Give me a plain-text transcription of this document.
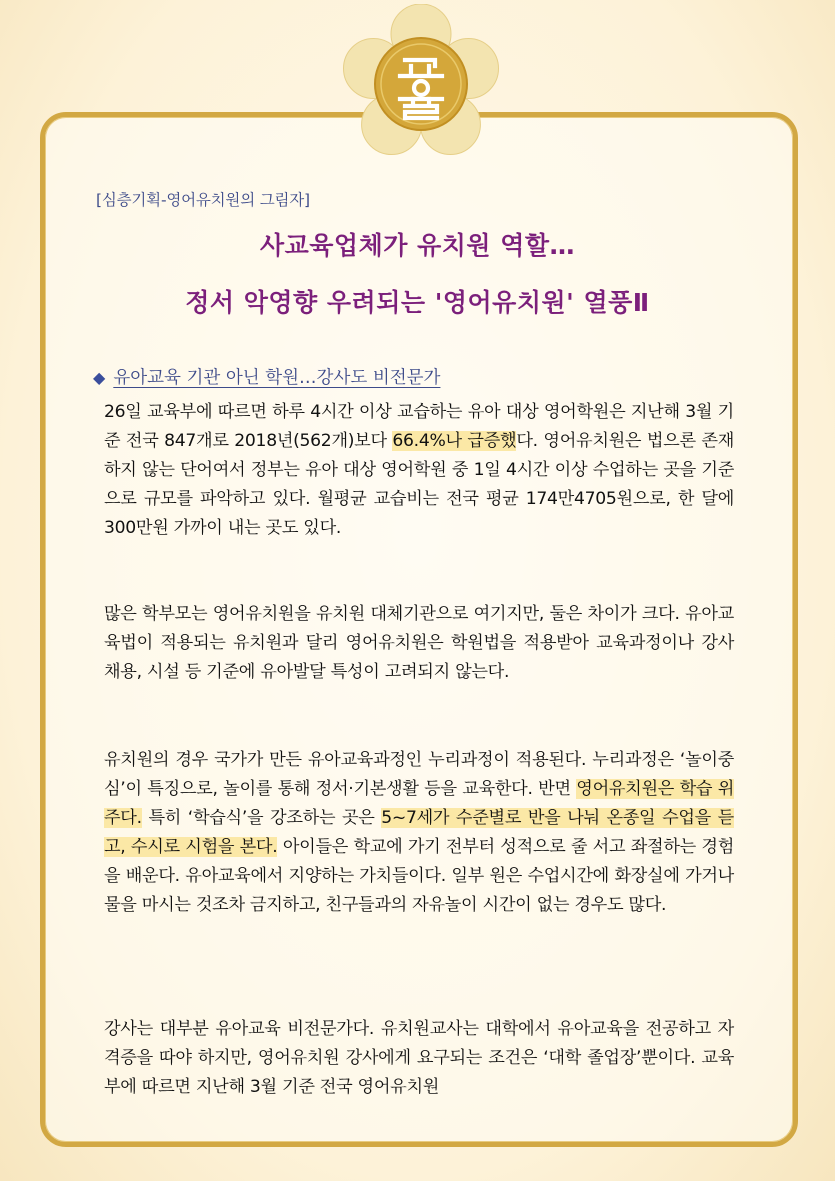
교육
[심층기획-영어유치원의 그림자]
사교육업체가 유치원 역할…
정서 악영향 우려되는 '영어유치원' 열풍Ⅱ
◆ 유아교육 기관 아닌 학원…강사도 비전문가

26일 교육부에 따르면 하루 4시간 이상 교습하는 유아 대상 영어학원은 지난해 3월 기준 전국 847개로 2018년(562개)보다 66.4%나 급증했다. 영어유치원은 법으론 존재하지 않는 단어여서 정부는 유아 대상 영어학원 중 1일 4시간 이상 수업하는 곳을 기준으로 규모를 파악하고 있다. 월평균 교습비는 전국 평균 174만4705원으로, 한 달에 300만원 가까이 내는 곳도 있다.

많은 학부모는 영어유치원을 유치원 대체기관으로 여기지만, 둘은 차이가 크다. 유아교육법이 적용되는 유치원과 달리 영어유치원은 학원법을 적용받아 교육과정이나 강사 채용, 시설 등 기준에 유아발달 특성이 고려되지 않는다.

유치원의 경우 국가가 만든 유아교육과정인 누리과정이 적용된다. 누리과정은 ‘놀이중심’이 특징으로, 놀이를 통해 정서·기본생활 등을 교육한다. 반면 영어유치원은 학습 위주다. 특히 ‘학습식’을 강조하는 곳은 5~7세가 수준별로 반을 나눠 온종일 수업을 듣고, 수시로 시험을 본다. 아이들은 학교에 가기 전부터 성적으로 줄 서고 좌절하는 경험을 배운다. 유아교육에서 지양하는 가치들이다. 일부 원은 수업시간에 화장실에 가거나 물을 마시는 것조차 금지하고, 친구들과의 자유놀이 시간이 없는 경우도 많다.

강사는 대부분 유아교육 비전문가다. 유치원교사는 대학에서 유아교육을 전공하고 자격증을 따야 하지만, 영어유치원 강사에게 요구되는 조건은 ‘대학 졸업장’뿐이다. 교육부에 따르면 지난해 3월 기준 전국 영어유치원
